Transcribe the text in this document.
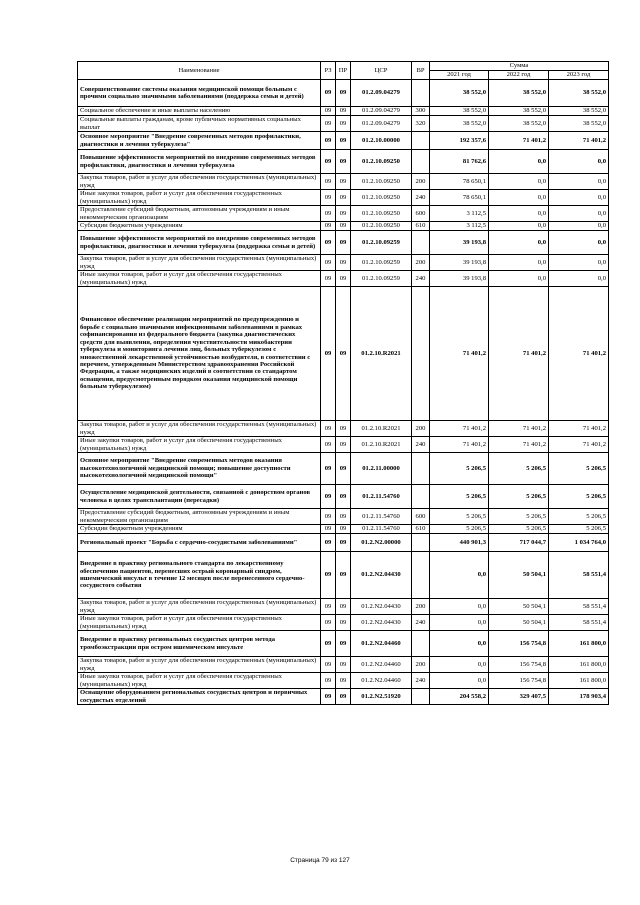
Наименование	РЗ	ПР	ЦСР	ВР	Сумма		
					2021 год	2022 год	2023 год
Совершенствование системы оказания медицинской помощи больным с прочими социально значимыми заболеваниями (поддержка семьи и детей)	09	09	01.2.09.04279		38 552,0	38 552,0	38 552,0
Социальное обеспечение и иные выплаты населению	09	09	01.2.09.04279	300	38 552,0	38 552,0	38 552,0
Социальные выплаты гражданам, кроме публичных нормативных социальных выплат	09	09	01.2.09.04279	320	38 552,0	38 552,0	38 552,0
Основное мероприятие "Внедрение современных методов профилактики, диагностики и лечения туберкулеза"	09	09	01.2.10.00000		192 357,6	71 401,2	71 401,2
Повышение эффективности мероприятий по внедрению современных методов профилактики, диагностики и лечения туберкулеза	09	09	01.2.10.09250		81 762,6	0,0	0,0
Закупка товаров, работ и услуг для обеспечения государственных (муниципальных) нужд	09	09	01.2.10.09250	200	78 650,1	0,0	0,0
Иные закупки товаров, работ и услуг для обеспечения государственных (муниципальных) нужд	09	09	01.2.10.09250	240	78 650,1	0,0	0,0
Предоставление субсидий бюджетным, автономным учреждениям и иным некоммерческим организациям	09	09	01.2.10.09250	600	3 112,5	0,0	0,0
Субсидии бюджетным учреждениям	09	09	01.2.10.09250	610	3 112,5	0,0	0,0
Повышение эффективности мероприятий по внедрению современных методов профилактики, диагностики и лечения туберкулеза (поддержка семьи и детей)	09	09	01.2.10.09259		39 193,8	0,0	0,0
Закупка товаров, работ и услуг для обеспечения государственных (муниципальных) нужд	09	09	01.2.10.09259	200	39 193,8	0,0	0,0
Иные закупки товаров, работ и услуг для обеспечения государственных (муниципальных) нужд	09	09	01.2.10.09259	240	39 193,8	0,0	0,0
Финансовое обеспечение реализации мероприятий по предупреждению и борьбе с социально значимыми инфекционными заболеваниями в рамках софинансирования из федерального бюджета (закупка диагностических средств для выявления, определения чувствительности микобактерии туберкулеза и мониторинга лечения лиц, больных туберкулезом с множественной лекарственной устойчивостью возбудителя, в соответствии с перечнем, утвержденным Министерством здравоохранения Российской Федерации, а также медицинских изделий в соответствии со стандартом оснащения, предусмотренным порядком оказания медицинской помощи больным туберкулезом)	09	09	01.2.10.R2021		71 401,2	71 401,2	71 401,2
Закупка товаров, работ и услуг для обеспечения государственных (муниципальных) нужд	09	09	01.2.10.R2021	200	71 401,2	71 401,2	71 401,2
Иные закупки товаров, работ и услуг для обеспечения государственных (муниципальных) нужд	09	09	01.2.10.R2021	240	71 401,2	71 401,2	71 401,2
Основное мероприятие "Внедрение современных методов оказания высокотехнологичной медицинской помощи; повышение доступности высокотехнологичной медицинской помощи"	09	09	01.2.11.00000		5 206,5	5 206,5	5 206,5
Осуществление медицинской деятельности, связанной с донорством органов человека в целях трансплантации (пересадки)	09	09	01.2.11.54760		5 206,5	5 206,5	5 206,5
Предоставление субсидий бюджетным, автономным учреждениям и иным некоммерческим организациям	09	09	01.2.11.54760	600	5 206,5	5 206,5	5 206,5
Субсидии бюджетным учреждениям	09	09	01.2.11.54760	610	5 206,5	5 206,5	5 206,5
Региональный проект "Борьба с сердечно-сосудистыми заболеваниями"	09	09	01.2.N2.00000		440 901,3	717 044,7	1 034 764,0
Внедрение в практику регионального стандарта по лекарственному обеспечению пациентов, перенесших острый коронарный синдром, ишемический инсульт в течение 12 месяцев после перенесенного сердечно-сосудистого события	09	09	01.2.N2.04430		0,0	50 504,1	58 551,4
Закупка товаров, работ и услуг для обеспечения государственных (муниципальных) нужд	09	09	01.2.N2.04430	200	0,0	50 504,1	58 551,4
Иные закупки товаров, работ и услуг для обеспечения государственных (муниципальных) нужд	09	09	01.2.N2.04430	240	0,0	50 504,1	58 551,4
Внедрение в практику региональных сосудистых центров метода тромбоэкстракции при остром ишемическом инсульте	09	09	01.2.N2.04460		0,0	156 754,8	161 800,0
Закупка товаров, работ и услуг для обеспечения государственных (муниципальных) нужд	09	09	01.2.N2.04460	200	0,0	156 754,8	161 800,0
Иные закупки товаров, работ и услуг для обеспечения государственных (муниципальных) нужд	09	09	01.2.N2.04460	240	0,0	156 754,8	161 800,0
Оснащение оборудованием региональных сосудистых центров и первичных сосудистых отделений	09	09	01.2.N2.51920		204 558,2	329 407,5	178 903,4
Страница 79 из 127
